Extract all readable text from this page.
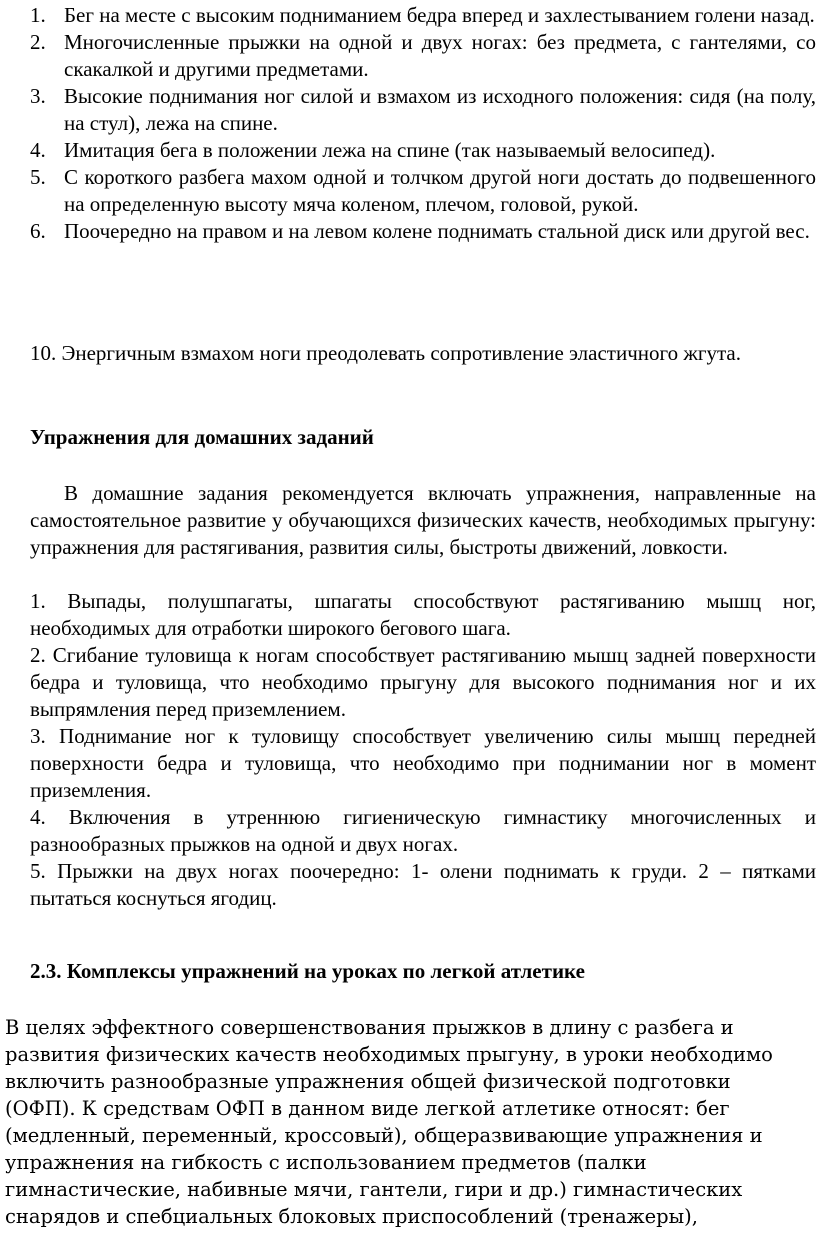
1. Бег на месте с высоким подниманием бедра вперед и захлестыванием голени назад.

2. Многочисленные прыжки на одной и двух ногах: без предмета, с гантелями, со скакалкой и другими предметами.

3. Высокие поднимания ног силой и взмахом из исходного положения: сидя (на полу, на стул), лежа на спине.

4. Имитация бега в положении лежа на спине (так называемый велосипед).

5. С короткого разбега махом одной и толчком другой ноги достать до подвешенного на определенную высоту мяча коленом, плечом, головой, рукой.

6. Поочередно на правом и на левом колене поднимать стальной диск или другой вес.

10. Энергичным взмахом ноги преодолевать сопротивление эластичного жгута.

Упражнения для домашних заданий

В домашние задания рекомендуется включать упражнения, направленные на самостоятельное развитие у обучающихся физических качеств, необходимых прыгуну: упражнения для растягивания, развития силы, быстроты движений, ловкости.

1. Выпады, полушпагаты, шпагаты способствуют растягиванию мышц ног, необходимых для отработки широкого бегового шага.

2. Сгибание туловища к ногам способствует растягиванию мышц задней поверхности бедра и туловища, что необходимо прыгуну для высокого поднимания ног и их выпрямления перед приземлением.

3. Поднимание ног к туловищу способствует увеличению силы мышц передней поверхности бедра и туловища, что необходимо при поднимании ног в момент приземления.

4. Включения в утреннюю гигиеническую гимнастику многочисленных и разнообразных прыжков на одной и двух ногах.

5. Прыжки на двух ногах поочередно: 1- олени поднимать к груди. 2 – пятками пытаться коснуться ягодиц.

2.3. Комплексы упражнений на уроках по легкой атлетике

В целях эффектного совершенствования прыжков в длину с разбега и развития физических качеств необходимых прыгуну, в уроки необходимо включить разнообразные упражнения общей физической подготовки (ОФП). К средствам ОФП в данном виде легкой атлетике относят: бег (медленный, переменный, кроссовый), общеразвивающие упражнения и упражнения на гибкость с использованием предметов (палки гимнастические, набивные мячи, гантели, гири и др.) гимнастических снарядов и спебциальных блоковых приспособлений (тренажеры),
